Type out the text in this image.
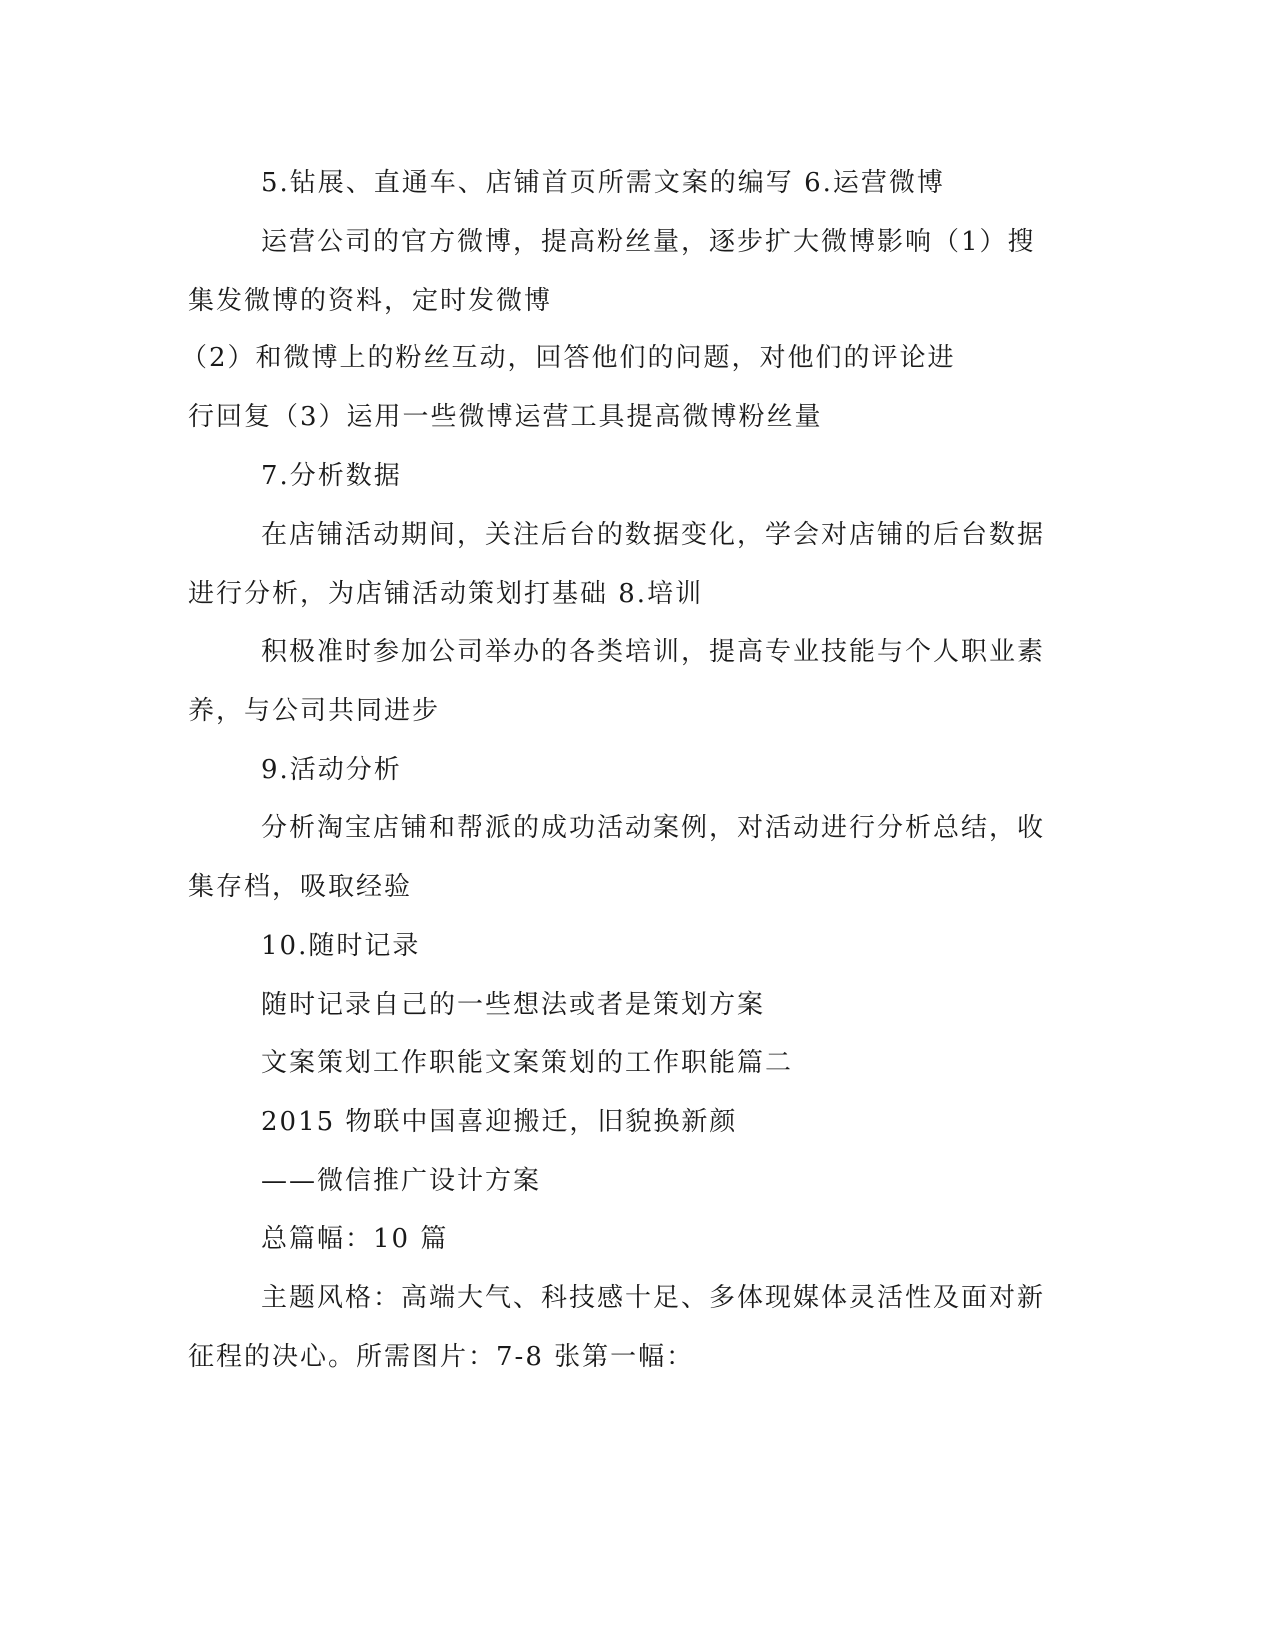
5.钻展、直通车、店铺首页所需文案的编写 6.运营微博
运营公司的官方微博，提高粉丝量，逐步扩大微博影响（1）搜
集发微博的资料，定时发微博
（2）和微博上的粉丝互动，回答他们的问题，对他们的评论进
行回复（3）运用一些微博运营工具提高微博粉丝量
7.分析数据
在店铺活动期间，关注后台的数据变化，学会对店铺的后台数据
进行分析，为店铺活动策划打基础 8.培训
积极准时参加公司举办的各类培训，提高专业技能与个人职业素
养，与公司共同进步
9.活动分析
分析淘宝店铺和帮派的成功活动案例，对活动进行分析总结，收
集存档，吸取经验
10.随时记录
随时记录自己的一些想法或者是策划方案
文案策划工作职能文案策划的工作职能篇二
2015 物联中国喜迎搬迁，旧貌换新颜
——微信推广设计方案
总篇幅：10 篇
主题风格：高端大气、科技感十足、多体现媒体灵活性及面对新
征程的决心。所需图片：7-8 张第一幅：
